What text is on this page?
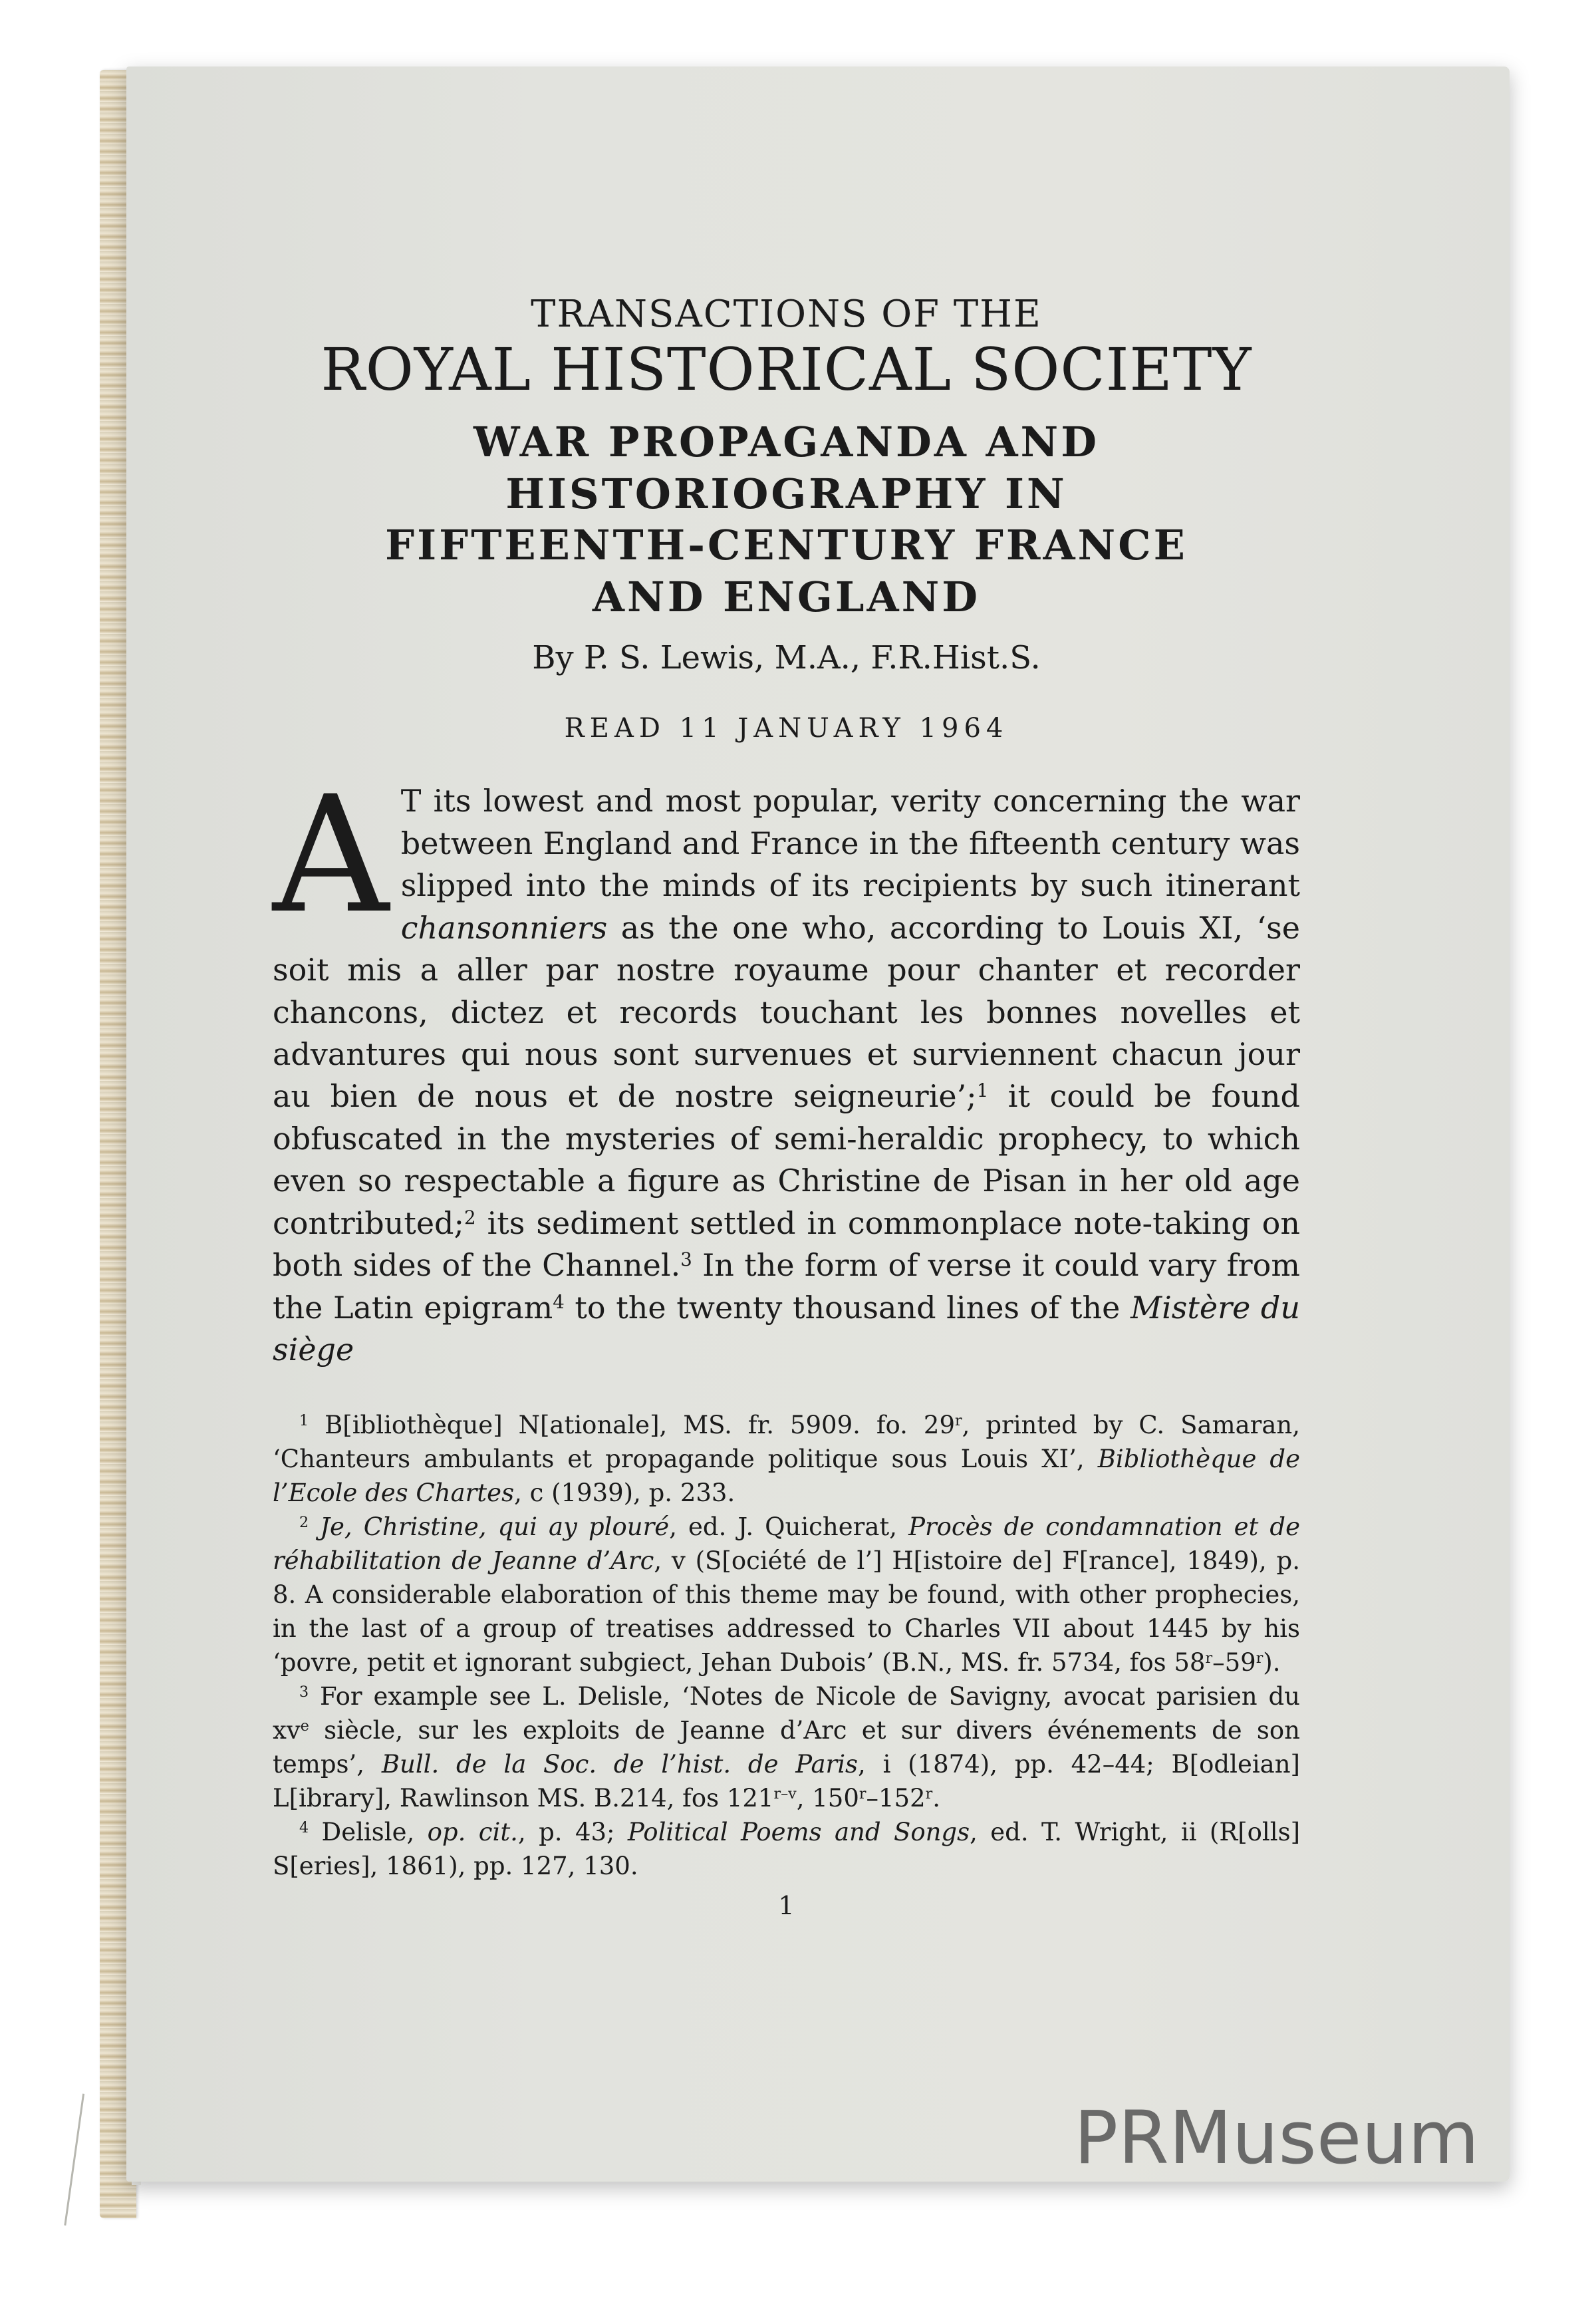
TRANSACTIONS OF THE
ROYAL HISTORICAL SOCIETY
WAR PROPAGANDA AND
HISTORIOGRAPHY IN
FIFTEENTH-CENTURY FRANCE
AND ENGLAND
By P. S. Lewis, M.A., F.R.Hist.S.
READ 11 JANUARY 1964
A T its lowest and most popular, verity concerning the war between England and France in the fifteenth century was slipped into the minds of its recipients by such itinerant chansonniers as the one who, according to Louis XI, ‘se soit mis a aller par nostre royaume pour chanter et recorder chancons, dictez et records touchant les bonnes novelles et advantures qui nous sont survenues et surviennent chacun jour au bien de nous et de nostre seigneurie’;$^1$ it could be found obfuscated in the mysteries of semi-heraldic prophecy, to which even so respectable a figure as Christine de Pisan in her old age contributed;$^2$ its sediment settled in commonplace note-taking on both sides of the Channel.$^3$ In the form of verse it could vary from the Latin epigram$^4$ to the twenty thousand lines of the Mistère du siège

$^1$ B[ibliothèque] N[ationale], MS. fr. 5909. fo. 29$^r$, printed by C. Samaran, ‘Chanteurs ambulants et propagande politique sous Louis XI’, Bibliothèque de l’Ecole des Chartes, c (1939), p. 233.

$^2$ Je, Christine, qui ay plouré, ed. J. Quicherat, Procès de condamnation et de réhabilitation de Jeanne d’Arc, v (S[ociété de l’] H[istoire de] F[rance], 1849), p. 8. A considerable elaboration of this theme may be found, with other prophecies, in the last of a group of treatises addressed to Charles VII about 1445 by his ‘povre, petit et ignorant subgiect, Jehan Dubois’ (B.N., MS. fr. 5734, fos 58$^r$–59$^r$).

$^3$ For example see L. Delisle, ‘Notes de Nicole de Savigny, avocat parisien du $xv^e$ siècle, sur les exploits de Jeanne d’Arc et sur divers événements de son temps’, Bull. de la Soc. de l’hist. de Paris, i (1874), pp. 42–44; B[odleian] L[ibrary], Rawlinson MS. B.214, fos 121$^{r-v}$, 150$^r$–152$^r$.

$^4$ Delisle, op. cit., p. 43; Political Poems and Songs, ed. T. Wright, ii (R[olls] S[eries], 1861), pp. 127, 130.

1
PRMuseum
